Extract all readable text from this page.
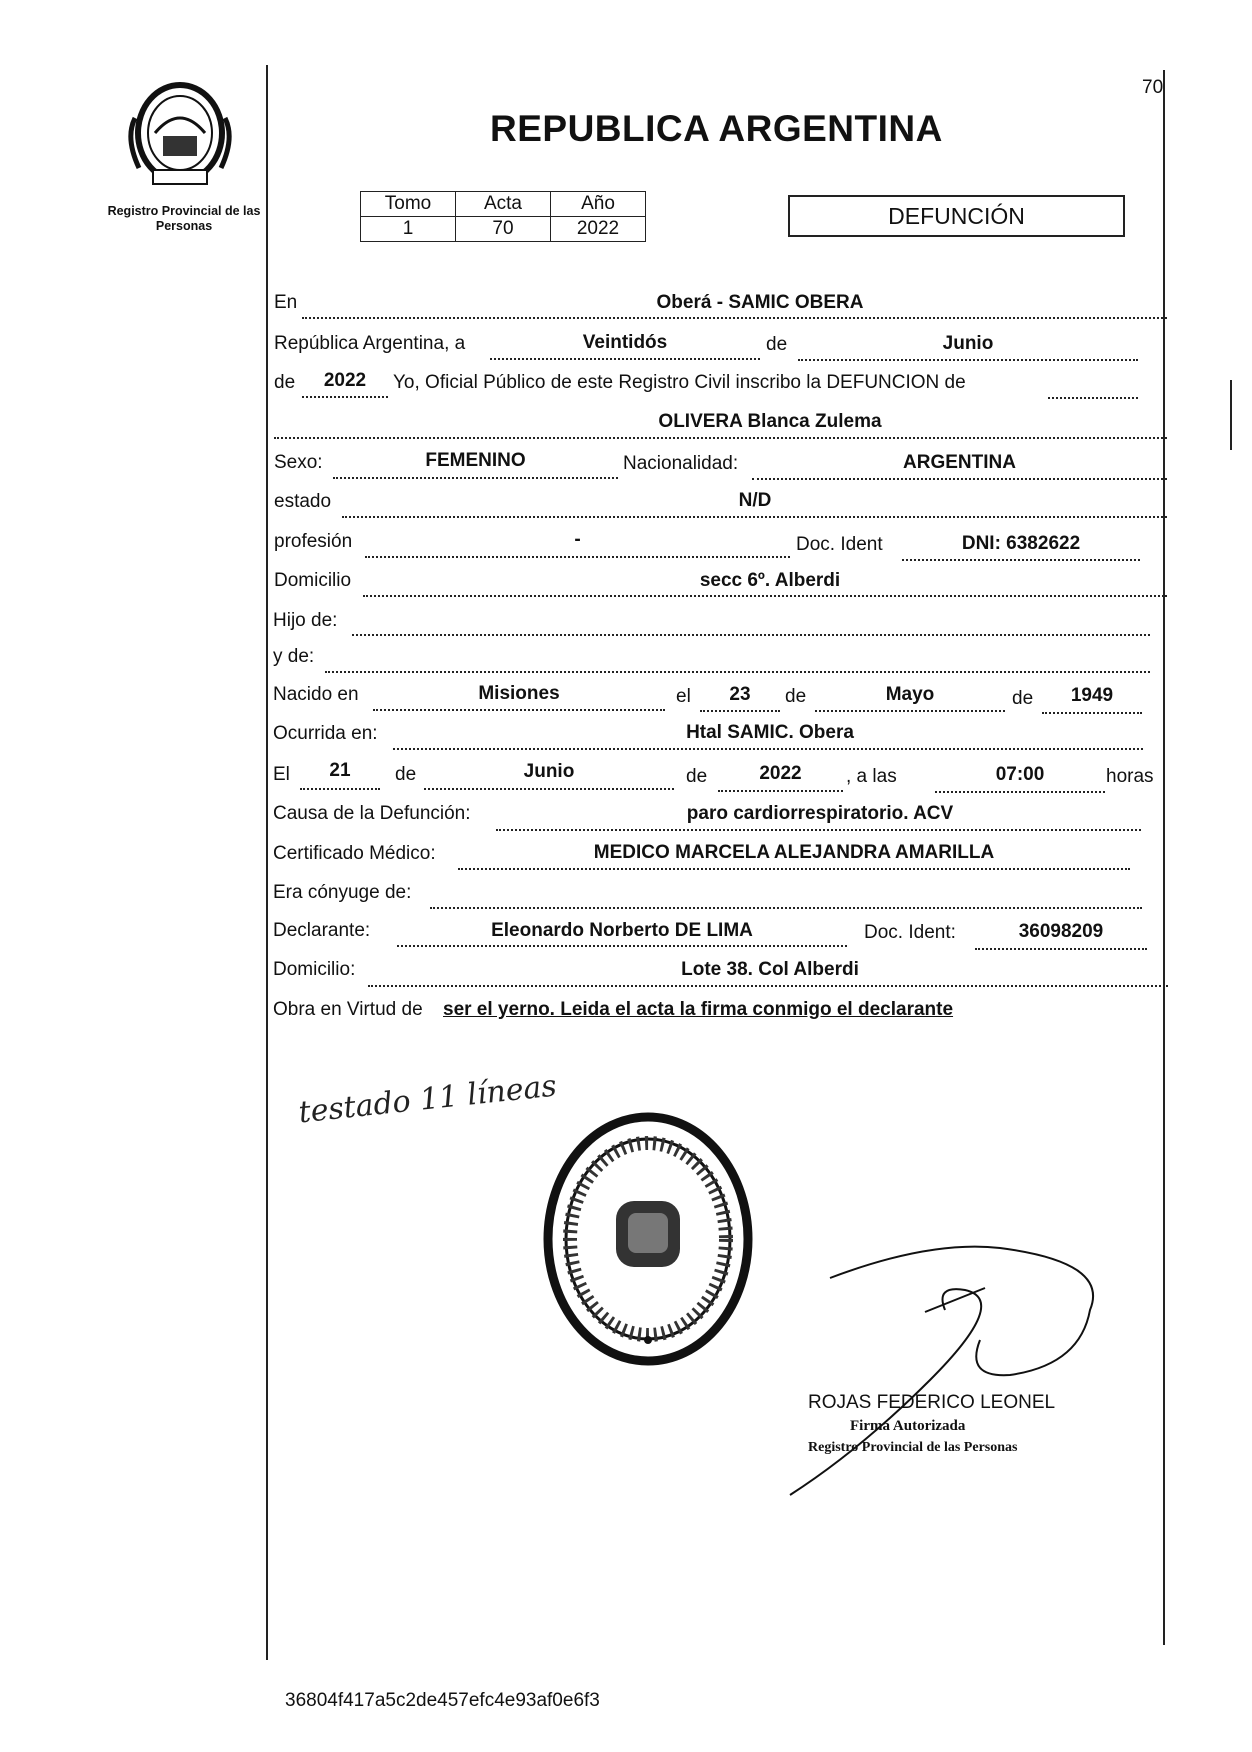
Registro Provincial de las Personas
REPUBLICA ARGENTINA
70
Tomo	Acta	Año
1	70	2022	DEFUNCIÓN
En	Oberá - SAMIC OBERA
República Argentina, a	Veintidós	de	Junio
de	2022	Yo, Oficial Público de este Registro Civil inscribo la DEFUNCION de
OLIVERA Blanca Zulema
Sexo:	FEMENINO	Nacionalidad:	ARGENTINA
estado	N/D
profesión	-	Doc. Ident	DNI: 6382622
Domicilio	secc 6º. Alberdi
Hijo de:
y de:
Nacido en	Misiones	el	23	de	Mayo	de	1949
Ocurrida en:	Htal SAMIC. Obera
El	21	de	Junio	de	2022	, a las	07:00	horas
Causa de la Defunción:	paro cardiorrespiratorio. ACV
Certificado Médico:	MEDICO MARCELA ALEJANDRA AMARILLA
Era cónyuge de:
Declarante:	Eleonardo Norberto DE LIMA	Doc. Ident:	36098209
Domicilio:	Lote 38. Col Alberdi
Obra en Virtud de ser el yerno. Leida el acta la firma conmigo el declarante
testado 11 líneas
ROJAS FEDERICO LEONEL
Firma Autorizada
Registro Provincial de las Personas
36804f417a5c2de457efc4e93af0e6f3
